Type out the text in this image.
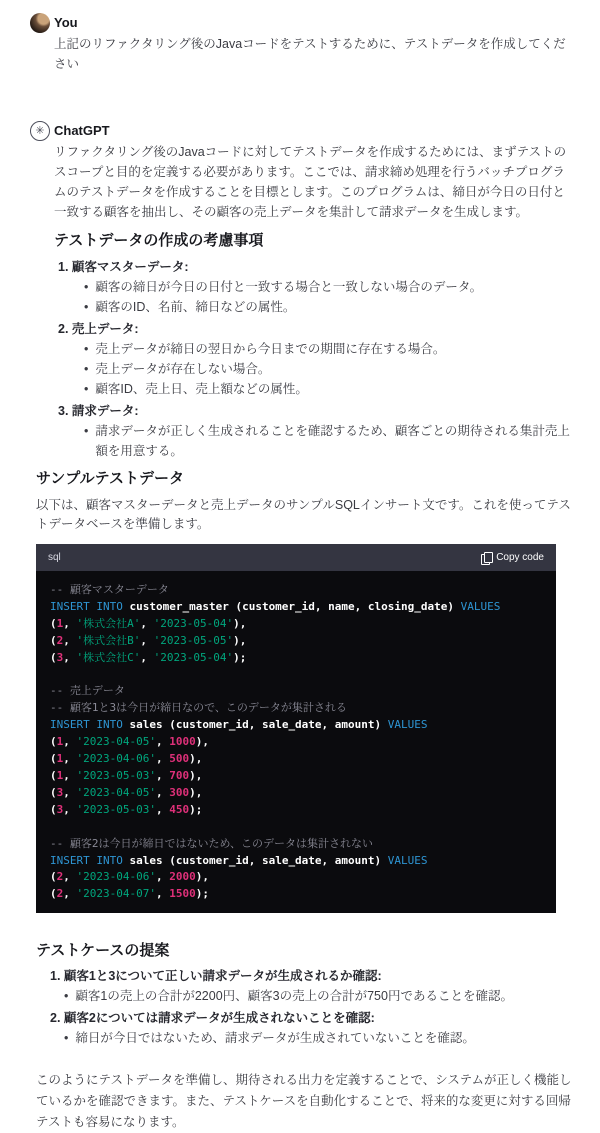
You
上記のリファクタリング後のJavaコードをテストするために、テストデータを作成してください
✳ ChatGPT
リファクタリング後のJavaコードに対してテストデータを作成するためには、まずテストのスコープと目的を定義する必要があります。ここでは、請求締め処理を行うバッチプログラムのテストデータを作成することを目標とします。このプログラムは、締日が今日の日付と一致する顧客を抽出し、その顧客の売上データを集計して請求データを生成します。
テストデータの作成の考慮事項
1. 顧客マスターデータ:
• 顧客の締日が今日の日付と一致する場合と一致しない場合のデータ。
• 顧客のID、名前、締日などの属性。
2. 売上データ:
• 売上データが締日の翌日から今日までの期間に存在する場合。
• 売上データが存在しない場合。
• 顧客ID、売上日、売上額などの属性。
3. 請求データ:
• 請求データが正しく生成されることを確認するため、顧客ごとの期待される集計売上額を用意する。
サンプルテストデータ

以下は、顧客マスターデータと売上データのサンプルSQLインサート文です。これを使ってテストデータベースを準備します。

sql	Copy code
-- 顧客マスターデータ
INSERT INTO customer_master (customer_id, name, closing_date) VALUES
(1, '株式会社A', '2023-05-04'),
(2, '株式会社B', '2023-05-05'),
(3, '株式会社C', '2023-05-04');

-- 売上データ
-- 顧客1と3は今日が締日なので、このデータが集計される
INSERT INTO sales (customer_id, sale_date, amount) VALUES
(1, '2023-04-05', 1000),
(1, '2023-04-06', 500),
(1, '2023-05-03', 700),
(3, '2023-04-05', 300),
(3, '2023-05-03', 450);

-- 顧客2は今日が締日ではないため、このデータは集計されない
INSERT INTO sales (customer_id, sale_date, amount) VALUES
(2, '2023-04-06', 2000),
(2, '2023-04-07', 1500);
テストケースの提案
1. 顧客1と3について正しい請求データが生成されるか確認:
• 顧客1の売上の合計が2200円、顧客3の売上の合計が750円であることを確認。
2. 顧客2については請求データが生成されないことを確認:
• 締日が今日ではないため、請求データが生成されていないことを確認。

このようにテストデータを準備し、期待される出力を定義することで、システムが正しく機能しているかを確認できます。また、テストケースを自動化することで、将来的な変更に対する回帰テストも容易になります。
